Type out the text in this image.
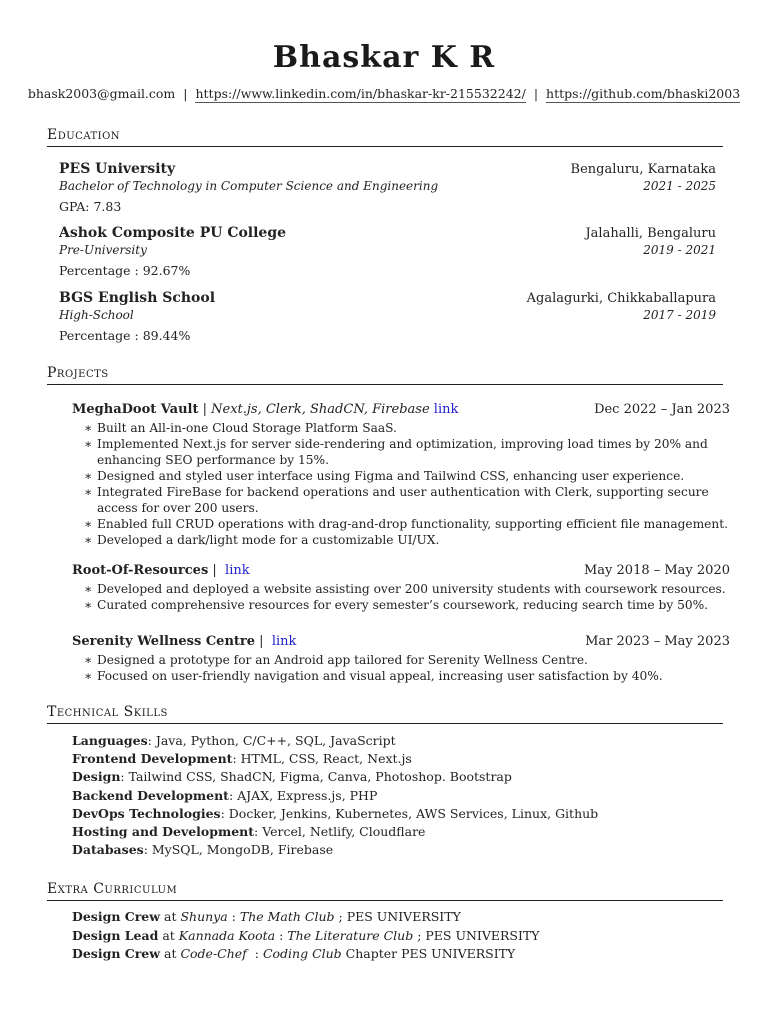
Bhaskar K R
bhask2003@gmail.com | https://www.linkedin.com/in/bhaskar-kr-215532242/ | https://github.com/bhaski2003
Education
PES University	Bengaluru, Karnataka
Bachelor of Technology in Computer Science and Engineering	2021 - 2025
GPA: 7.83
Ashok Composite PU College	Jalahalli, Bengaluru
Pre-University	2019 - 2021
Percentage : 92.67%
BGS English School	Agalagurki, Chikkaballapura
High-School	2017 - 2019
Percentage : 89.44%
Projects
MeghaDoot Vault | Next.js, Clerk, ShadCN, Firebase link	Dec 2022 – Jan 2023
∗ Built an All-in-one Cloud Storage Platform SaaS.
∗ Implemented Next.js for server side-rendering and optimization, improving load times by 20% and enhancing SEO performance by 15%.
∗ Designed and styled user interface using Figma and Tailwind CSS, enhancing user experience.
∗ Integrated FireBase for backend operations and user authentication with Clerk, supporting secure access for over 200 users.
∗ Enabled full CRUD operations with drag-and-drop functionality, supporting efficient file management.
∗ Developed a dark/light mode for a customizable UI/UX.
Root-Of-Resources |  link	May 2018 – May 2020
∗ Developed and deployed a website assisting over 200 university students with coursework resources.
∗ Curated comprehensive resources for every semester’s coursework, reducing search time by 50%.
Serenity Wellness Centre |  link	Mar 2023 – May 2023
∗ Designed a prototype for an Android app tailored for Serenity Wellness Centre.
∗ Focused on user-friendly navigation and visual appeal, increasing user satisfaction by 40%.
Technical Skills
Languages: Java, Python, C/C++, SQL, JavaScript
Frontend Development: HTML, CSS, React, Next.js
Design: Tailwind CSS, ShadCN, Figma, Canva, Photoshop. Bootstrap
Backend Development: AJAX, Express.js, PHP
DevOps Technologies: Docker, Jenkins, Kubernetes, AWS Services, Linux, Github
Hosting and Development: Vercel, Netlify, Cloudflare
Databases: MySQL, MongoDB, Firebase
Extra Curriculum
Design Crew at Shunya : The Math Club ; PES UNIVERSITY
Design Lead at Kannada Koota : The Literature Club ; PES UNIVERSITY
Design Crew at Code-Chef  : Coding Club Chapter PES UNIVERSITY
